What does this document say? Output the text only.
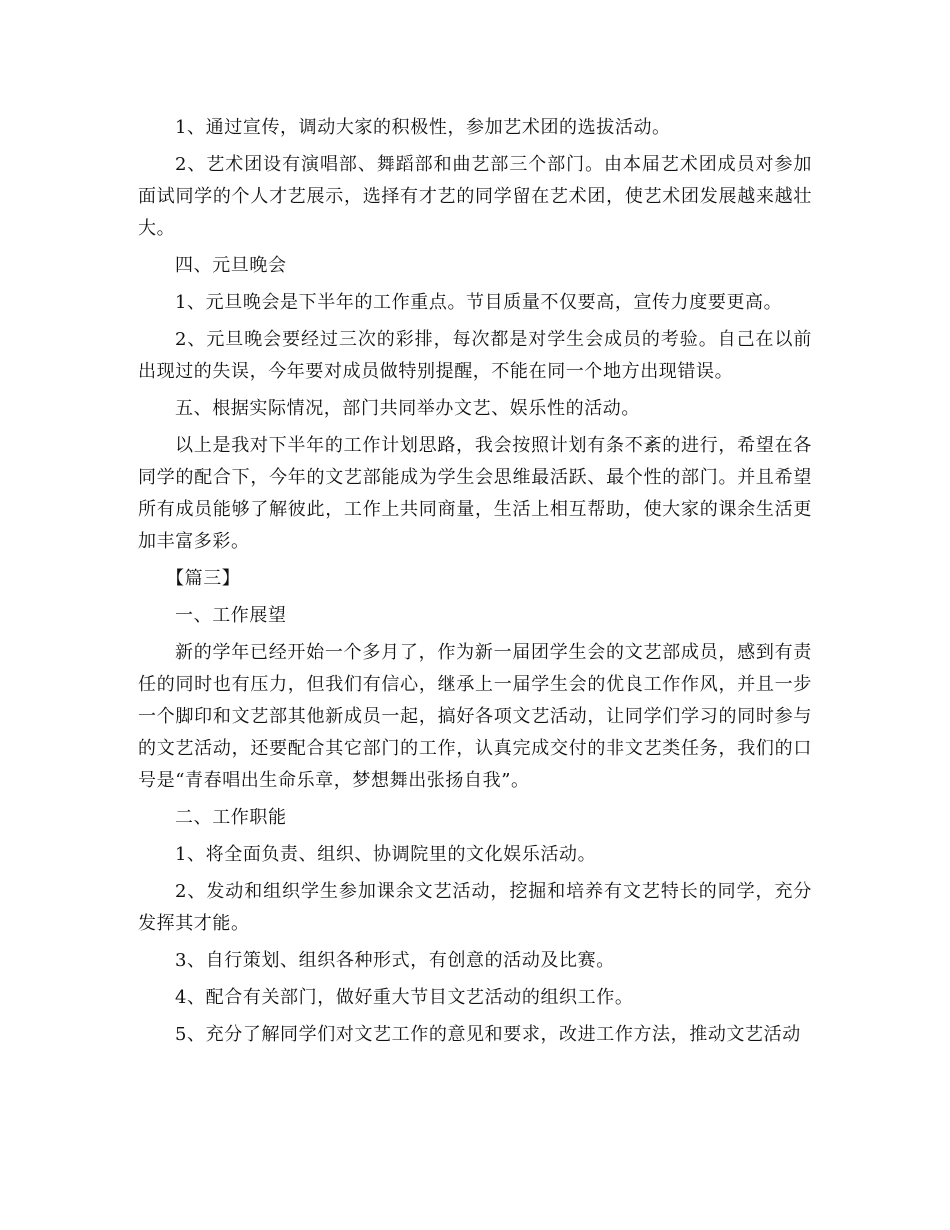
1、通过宣传，调动大家的积极性，参加艺术团的选拔活动。

2、艺术团设有演唱部、舞蹈部和曲艺部三个部门。由本届艺术团成员对参加面试同学的个人才艺展示，选择有才艺的同学留在艺术团，使艺术团发展越来越壮大。

四、元旦晚会

1、元旦晚会是下半年的工作重点。节目质量不仅要高，宣传力度要更高。

2、元旦晚会要经过三次的彩排，每次都是对学生会成员的考验。自己在以前出现过的失误，今年要对成员做特别提醒，不能在同一个地方出现错误。

五、根据实际情况，部门共同举办文艺、娱乐性的活动。

以上是我对下半年的工作计划思路，我会按照计划有条不紊的进行，希望在各同学的配合下，今年的文艺部能成为学生会思维最活跃、最个性的部门。并且希望所有成员能够了解彼此，工作上共同商量，生活上相互帮助，使大家的课余生活更加丰富多彩。

【篇三】

一、工作展望

新的学年已经开始一个多月了，作为新一届团学生会的文艺部成员，感到有责任的同时也有压力，但我们有信心，继承上一届学生会的优良工作作风，并且一步一个脚印和文艺部其他新成员一起，搞好各项文艺活动，让同学们学习的同时参与的文艺活动，还要配合其它部门的工作，认真完成交付的非文艺类任务，我们的口号是“青春唱出生命乐章，梦想舞出张扬自我”。

二、工作职能

1、将全面负责、组织、协调院里的文化娱乐活动。

2、发动和组织学生参加课余文艺活动，挖掘和培养有文艺特长的同学，充分发挥其才能。

3、自行策划、组织各种形式，有创意的活动及比赛。

4、配合有关部门，做好重大节目文艺活动的组织工作。

5、充分了解同学们对文艺工作的意见和要求，改进工作方法，推动文艺活动
